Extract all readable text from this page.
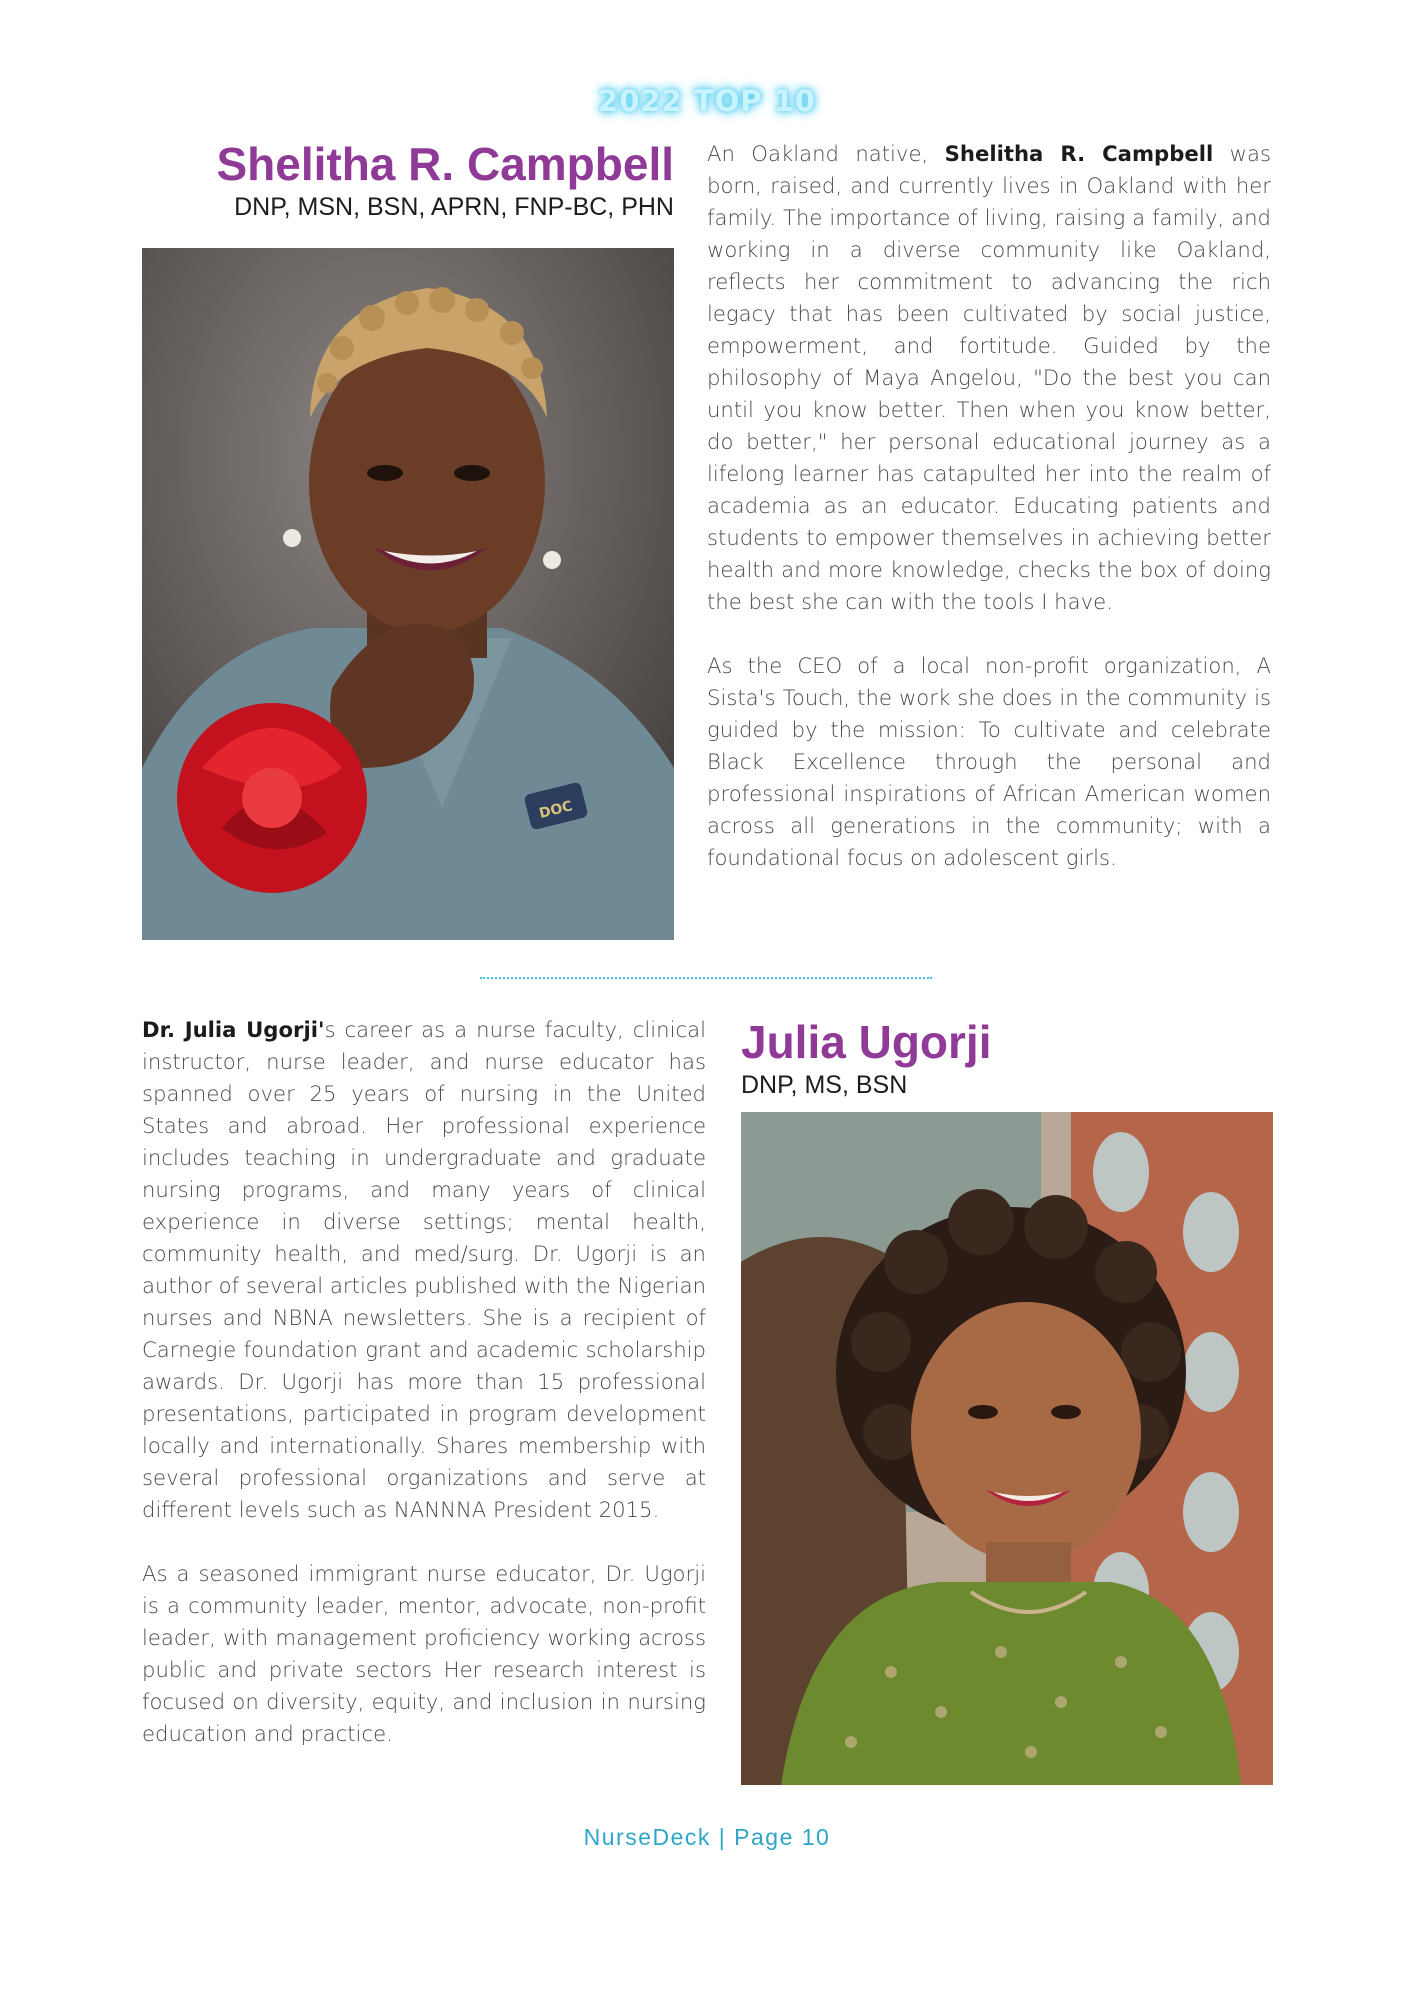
2022 TOP 10
Shelitha R. Campbell
DNP, MSN, BSN, APRN, FNP-BC, PHN
DOC

An Oakland native, Shelitha R. Campbell was born, raised, and currently lives in Oakland with her family. The importance of living, raising a family, and working in a diverse community like Oakland, reflects her commitment to advancing the rich legacy that has been cultivated by social justice, empowerment, and fortitude. Guided by the philosophy of Maya Angelou, "Do the best you can until you know better. Then when you know better, do better," her personal educational journey as a lifelong learner has catapulted her into the realm of academia as an educator. Educating patients and students to empower themselves in achieving better health and more knowledge, checks the box of doing the best she can with the tools I have.

As the CEO of a local non-profit organization, A Sista's Touch, the work she does in the community is guided by the mission: To cultivate and celebrate Black Excellence through the personal and professional inspirations of African American women across all generations in the community; with a foundational focus on adolescent girls.

Dr. Julia Ugorji's career as a nurse faculty, clinical instructor, nurse leader, and nurse educator has spanned over 25 years of nursing in the United States and abroad. Her professional experience includes teaching in undergraduate and graduate nursing programs, and many years of clinical experience in diverse settings; mental health, community health, and med/surg. Dr. Ugorji is an author of several articles published with the Nigerian nurses and NBNA newsletters. She is a recipient of Carnegie foundation grant and academic scholarship awards. Dr. Ugorji has more than 15 professional presentations, participated in program development locally and internationally. Shares membership with several professional organizations and serve at different levels such as NANNNA President 2015.

As a seasoned immigrant nurse educator, Dr. Ugorji is a community leader, mentor, advocate, non-profit leader, with management proficiency working across public and private sectors Her research interest is focused on diversity, equity, and inclusion in nursing education and practice.

Julia Ugorji
DNP, MS, BSN
NurseDeck | Page 10
